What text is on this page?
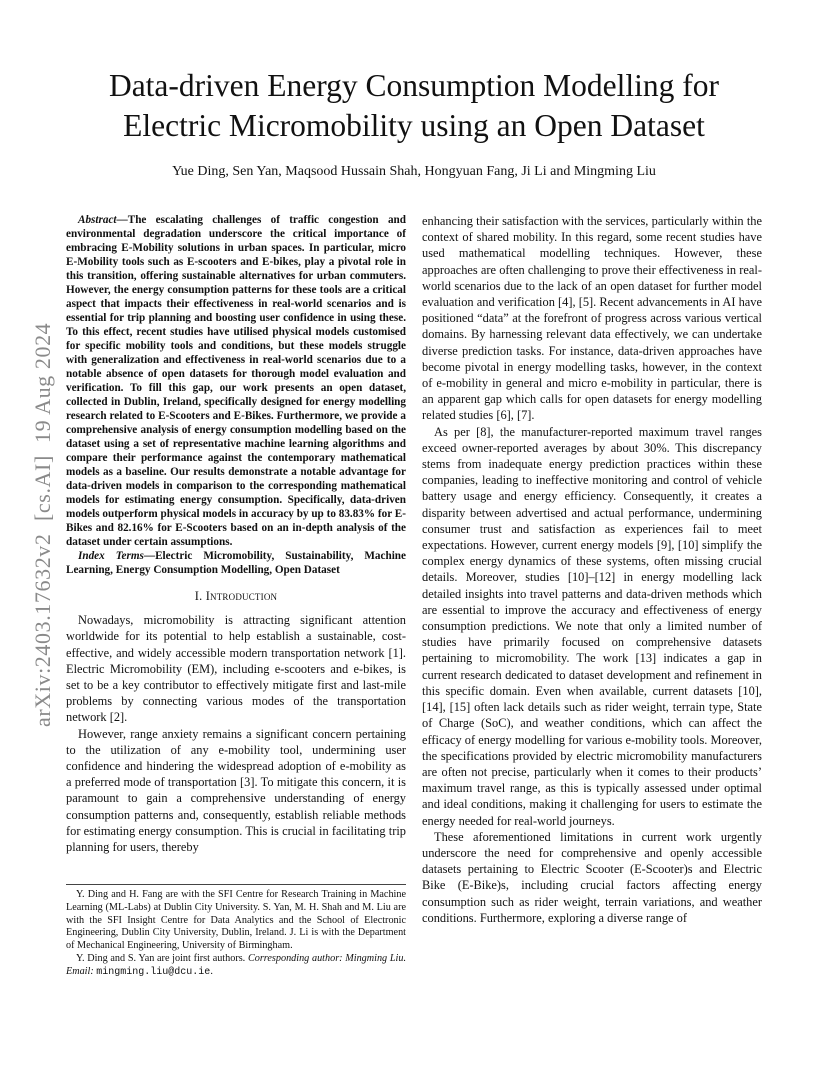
Data-driven Energy Consumption Modelling for
Electric Micromobility using an Open Dataset
Yue Ding, Sen Yan, Maqsood Hussain Shah, Hongyuan Fang, Ji Li and Mingming Liu
arXiv:2403.17632v2
[cs.AI]
19 Aug 2024

Abstract—The escalating challenges of traffic congestion and environmental degradation underscore the critical importance of embracing E-Mobility solutions in urban spaces. In particular, micro E-Mobility tools such as E-scooters and E-bikes, play a pivotal role in this transition, offering sustainable alternatives for urban commuters. However, the energy consumption patterns for these tools are a critical aspect that impacts their effectiveness in real-world scenarios and is essential for trip planning and boosting user confidence in using these. To this effect, recent studies have utilised physical models customised for specific mobility tools and conditions, but these models struggle with generalization and effectiveness in real-world scenarios due to a notable absence of open datasets for thorough model evaluation and verification. To fill this gap, our work presents an open dataset, collected in Dublin, Ireland, specifically designed for energy modelling research related to E-Scooters and E-Bikes. Furthermore, we provide a comprehensive analysis of energy consumption modelling based on the dataset using a set of representative machine learning algorithms and compare their performance against the contemporary mathematical models as a baseline. Our results demonstrate a notable advantage for data-driven models in comparison to the corresponding mathematical models for estimating energy consumption. Specifically, data-driven models outperform physical models in accuracy by up to 83.83% for E-Bikes and 82.16% for E-Scooters based on an in-depth analysis of the dataset under certain assumptions.

Index Terms—Electric Micromobility, Sustainability, Machine Learning, Energy Consumption Modelling, Open Dataset

I. Introduction

Nowadays, micromobility is attracting significant attention worldwide for its potential to help establish a sustainable, cost-effective, and widely accessible modern transportation network [1]. Electric Micromobility (EM), including e-scooters and e-bikes, is set to be a key contributor to effectively mitigate first and last-mile problems by connecting various modes of the transportation network [2].

However, range anxiety remains a significant concern pertaining to the utilization of any e-mobility tool, undermining user confidence and hindering the widespread adoption of e-mobility as a preferred mode of transportation [3]. To mitigate this concern, it is paramount to gain a comprehensive understanding of energy consumption patterns and, consequently, establish reliable methods for estimating energy consumption. This is crucial in facilitating trip planning for users, thereby

enhancing their satisfaction with the services, particularly within the context of shared mobility. In this regard, some recent studies have used mathematical modelling techniques. However, these approaches are often challenging to prove their effectiveness in real-world scenarios due to the lack of an open dataset for further model evaluation and verification [4], [5]. Recent advancements in AI have positioned “data” at the forefront of progress across various vertical domains. By harnessing relevant data effectively, we can undertake diverse prediction tasks. For instance, data-driven approaches have become pivotal in energy modelling tasks, however, in the context of e-mobility in general and micro e-mobility in particular, there is an apparent gap which calls for open datasets for energy modelling related studies [6], [7].

As per [8], the manufacturer-reported maximum travel ranges exceed owner-reported averages by about 30%. This discrepancy stems from inadequate energy prediction practices within these companies, leading to ineffective monitoring and control of vehicle battery usage and energy efficiency. Consequently, it creates a disparity between advertised and actual performance, undermining consumer trust and satisfaction as experiences fail to meet expectations. However, current energy models [9], [10] simplify the complex energy dynamics of these systems, often missing crucial details. Moreover, studies [10]–[12] in energy modelling lack detailed insights into travel patterns and data-driven methods which are essential to improve the accuracy and effectiveness of energy consumption predictions. We note that only a limited number of studies have primarily focused on comprehensive datasets pertaining to micromobility. The work [13] indicates a gap in current research dedicated to dataset development and refinement in this specific domain. Even when available, current datasets [10], [14], [15] often lack details such as rider weight, terrain type, State of Charge (SoC), and weather conditions, which can affect the efficacy of energy modelling for various e-mobility tools. Moreover, the specifications provided by electric micromobility manufacturers are often not precise, particularly when it comes to their products’ maximum travel range, as this is typically assessed under optimal and ideal conditions, making it challenging for users to estimate the energy needed for real-world journeys.

These aforementioned limitations in current work urgently underscore the need for comprehensive and openly accessible datasets pertaining to Electric Scooter (E-Scooter)s and Electric Bike (E-Bike)s, including crucial factors affecting energy consumption such as rider weight, terrain variations, and weather conditions. Furthermore, exploring a diverse range of

Y. Ding and H. Fang are with the SFI Centre for Research Training in Machine Learning (ML-Labs) at Dublin City University. S. Yan, M. H. Shah and M. Liu are with the SFI Insight Centre for Data Analytics and the School of Electronic Engineering, Dublin City University, Dublin, Ireland. J. Li is with the Department of Mechanical Engineering, University of Birmingham.

Y. Ding and S. Yan are joint first authors. Corresponding author: Mingming Liu. Email: mingming.liu@dcu.ie.
